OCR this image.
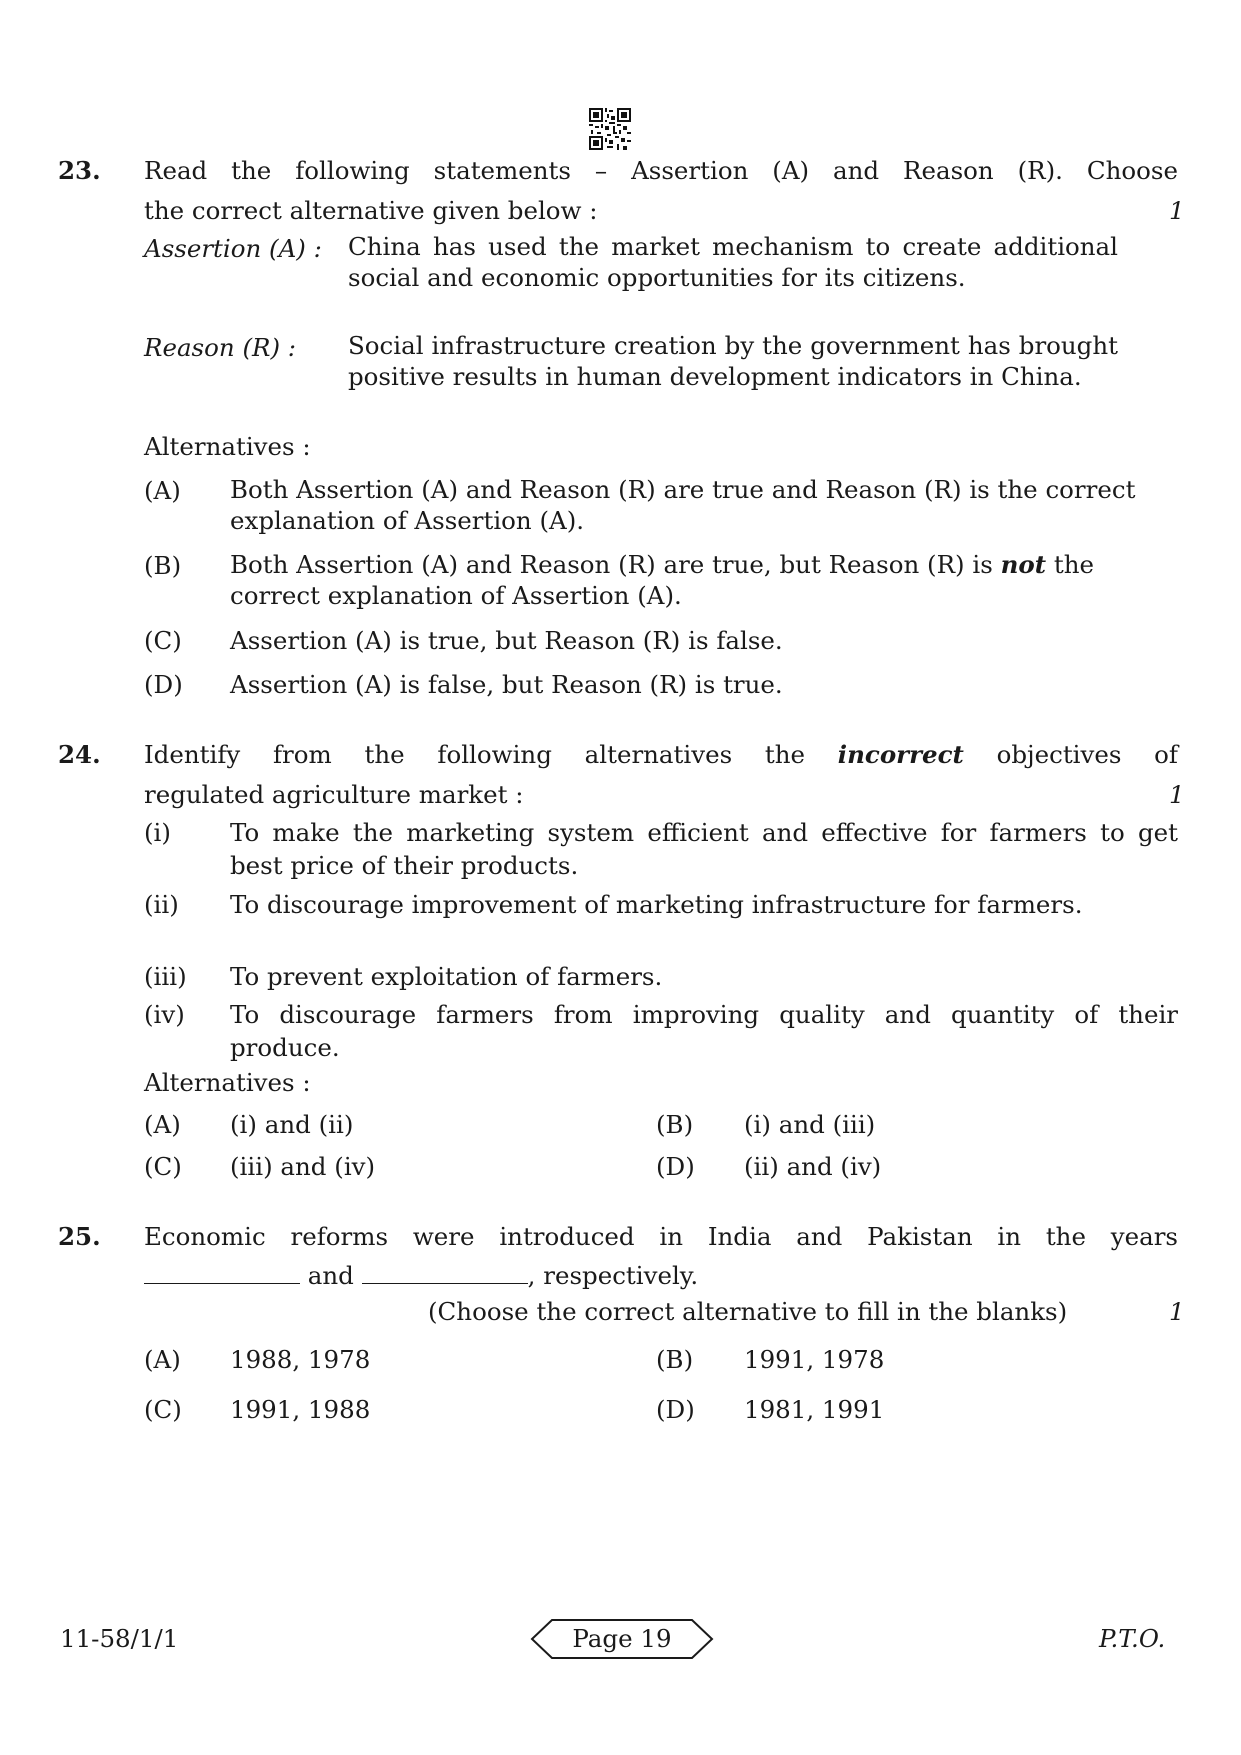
23. Read the following statements – Assertion (A) and Reason (R). Choose
the correct alternative given below :	1
Assertion (A) : China has used the market mechanism to create additional social and economic opportunities for its citizens.
Reason (R) : Social infrastructure creation by the government has brought positive results in human development indicators in China.
Alternatives :
(A) Both Assertion (A) and Reason (R) are true and Reason (R) is the correct explanation of Assertion (A).
(B) Both Assertion (A) and Reason (R) are true, but Reason (R) is not the correct explanation of Assertion (A).
(C) Assertion (A) is true, but Reason (R) is false.
(D) Assertion (A) is false, but Reason (R) is true.
24. Identify from the following alternatives the incorrect objectives of
regulated agriculture market :	1
(i) To make the marketing system efficient and effective for farmers to get best price of their products.
(ii) To discourage improvement of marketing infrastructure for farmers.
(iii) To prevent exploitation of farmers.
(iv) To discourage farmers from improving quality and quantity of their produce.
Alternatives :
(A) (i) and (ii)	(B) (i) and (iii)
(C) (iii) and (iv)	(D) (ii) and (iv)
25. Economic reforms were introduced in India and Pakistan in the years
and	, respectively.
(Choose the correct alternative to fill in the blanks)	1
(A) 1988, 1978	(B) 1991, 1978
(C) 1991, 1988	(D) 1981, 1991
11-58/1/1	Page 19	P.T.O.
